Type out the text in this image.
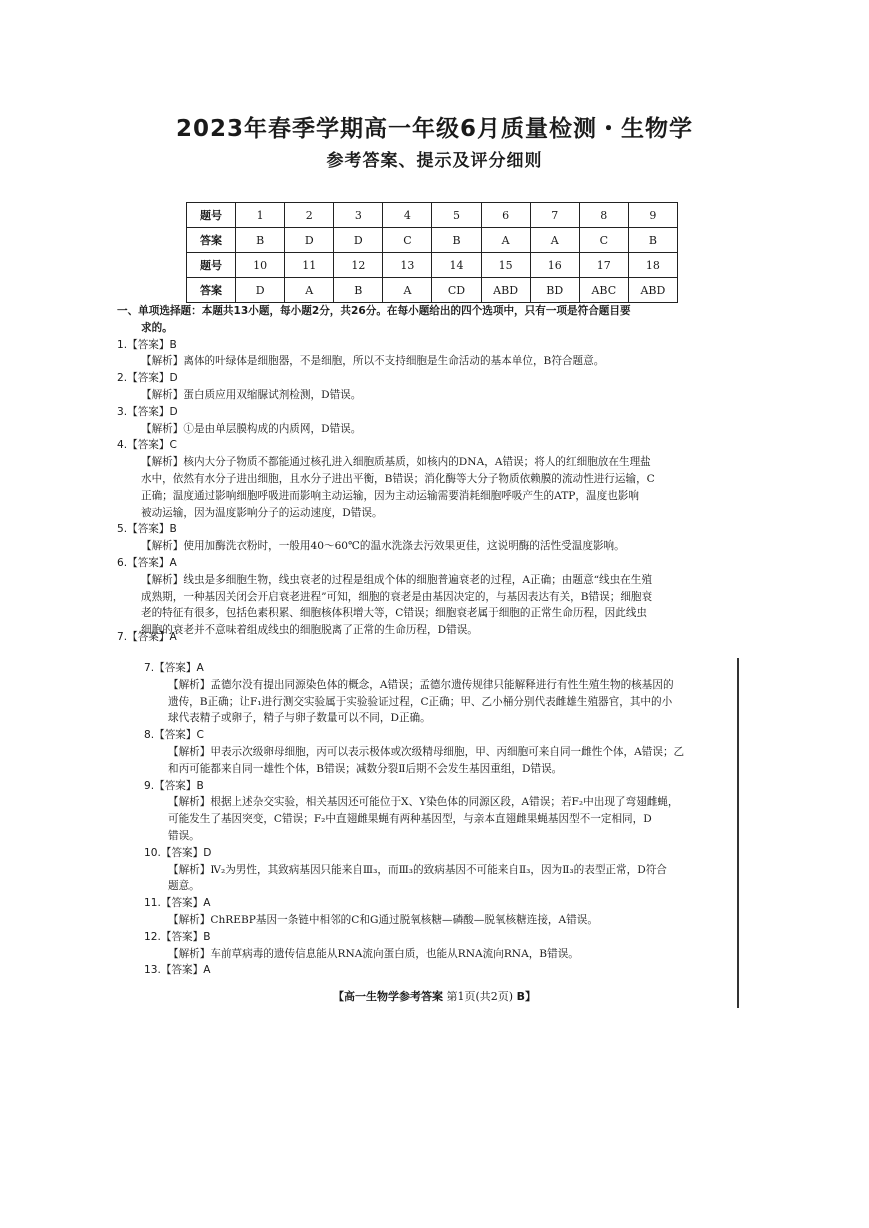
2023年春季学期高一年级6月质量检测・生物学
参考答案、提示及评分细则
题号	1	2	3	4	5	6	7	8	9
答案	B	D	D	C	B	A	A	C	B
题号	10	11	12	13	14	15	16	17	18
答案	D	A	B	A	CD	ABD	BD	ABC	ABD
一、单项选择题：本题共13小题，每小题2分，共26分。在每小题给出的四个选项中，只有一项是符合题目要
求的。
1.【答案】B
【解析】离体的叶绿体是细胞器，不是细胞，所以不支持细胞是生命活动的基本单位，B符合题意。
2.【答案】D
【解析】蛋白质应用双缩脲试剂检测，D错误。
3.【答案】D
【解析】①是由单层膜构成的内质网，D错误。
4.【答案】C
【解析】核内大分子物质不都能通过核孔进入细胞质基质，如核内的DNA，A错误；将人的红细胞放在生理盐
水中，依然有水分子进出细胞，且水分子进出平衡，B错误；消化酶等大分子物质依赖膜的流动性进行运输，C
正确；温度通过影响细胞呼吸进而影响主动运输，因为主动运输需要消耗细胞呼吸产生的ATP，温度也影响
被动运输，因为温度影响分子的运动速度，D错误。
5.【答案】B
【解析】使用加酶洗衣粉时，一般用40～60℃的温水洗涤去污效果更佳，这说明酶的活性受温度影响。
6.【答案】A
【解析】线虫是多细胞生物，线虫衰老的过程是组成个体的细胞普遍衰老的过程，A正确；由题意“线虫在生殖
成熟期，一种基因关闭会开启衰老进程”可知，细胞的衰老是由基因决定的，与基因表达有关，B错误；细胞衰
老的特征有很多，包括色素积累、细胞核体积增大等，C错误；细胞衰老属于细胞的正常生命历程，因此线虫
细胞的衰老并不意味着组成线虫的细胞脱离了正常的生命历程，D错误。
7.【答案】A
7.【答案】A
【解析】孟德尔没有提出同源染色体的概念，A错误；孟德尔遗传规律只能解释进行有性生殖生物的核基因的
遗传，B正确；让F₁进行测交实验属于实验验证过程，C正确；甲、乙小桶分别代表雌雄生殖器官，其中的小
球代表精子或卵子，精子与卵子数量可以不同，D正确。
8.【答案】C
【解析】甲表示次级卵母细胞，丙可以表示极体或次级精母细胞，甲、丙细胞可来自同一雌性个体，A错误；乙
和丙可能都来自同一雄性个体，B错误；减数分裂Ⅱ后期不会发生基因重组，D错误。
9.【答案】B
【解析】根据上述杂交实验，相关基因还可能位于X、Y染色体的同源区段，A错误；若F₂中出现了弯翅雌蝇，
可能发生了基因突变，C错误；F₂中直翅雌果蝇有两种基因型，与亲本直翅雌果蝇基因型不一定相同，D
错误。
10.【答案】D
【解析】Ⅳ₂为男性，其致病基因只能来自Ⅲ₃，而Ⅲ₃的致病基因不可能来自Ⅱ₃，因为Ⅱ₃的表型正常，D符合
题意。
11.【答案】A
【解析】ChREBP基因一条链中相邻的C和G通过脱氧核糖—磷酸—脱氧核糖连接，A错误。
12.【答案】B
【解析】车前草病毒的遗传信息能从RNA流向蛋白质，也能从RNA流向RNA，B错误。
13.【答案】A
【高一生物学参考答案 第1页(共2页) B】
